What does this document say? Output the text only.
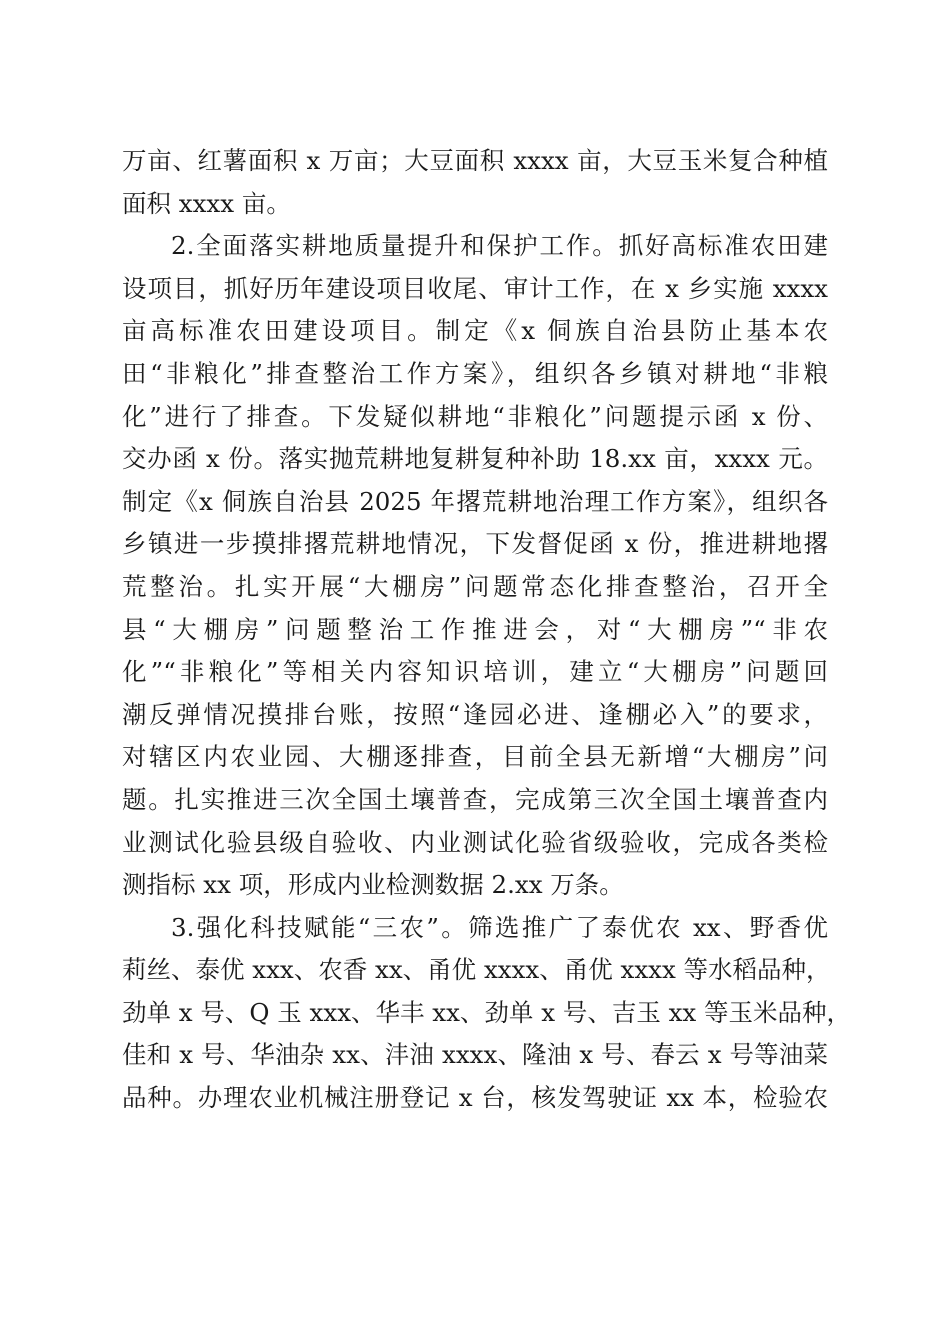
万亩、红薯面积 x 万亩；大豆面积 xxxx 亩，大豆玉米复合种植
面积 xxxx 亩。
2.全面落实耕地质量提升和保护工作。抓好高标准农田建
设项目，抓好历年建设项目收尾、审计工作，在 x 乡实施 xxxx
亩高标准农田建设项目。制定《x 侗族自治县防止基本农
田“非粮化”排查整治工作方案》，组织各乡镇对耕地“非粮
化”进行了排查。下发疑似耕地“非粮化”问题提示函 x 份、
交办函 x 份。落实抛荒耕地复耕复种补助 18.xx 亩，xxxx 元。
制定《x 侗族自治县 2025 年撂荒耕地治理工作方案》，组织各
乡镇进一步摸排撂荒耕地情况，下发督促函 x 份，推进耕地撂
荒整治。扎实开展“大棚房”问题常态化排查整治，召开全
县“大棚房”问题整治工作推进会，对“大棚房”“非农
化”“非粮化”等相关内容知识培训，建立“大棚房”问题回
潮反弹情况摸排台账，按照“逢园必进、逢棚必入”的要求，
对辖区内农业园、大棚逐排查，目前全县无新增“大棚房”问
题。扎实推进三次全国土壤普查，完成第三次全国土壤普查内
业测试化验县级自验收、内业测试化验省级验收，完成各类检
测指标 xx 项，形成内业检测数据 2.xx 万条。
3.强化科技赋能“三农”。筛选推广了泰优农 xx、野香优
莉丝、泰优 xxx、农香 xx、甬优 xxxx、甬优 xxxx 等水稻品种，
劲单 x 号、Q 玉 xxx、华丰 xx、劲单 x 号、吉玉 xx 等玉米品种，
佳和 x 号、华油杂 xx、沣油 xxxx、隆油 x 号、春云 x 号等油菜
品种。办理农业机械注册登记 x 台，核发驾驶证 xx 本，检验农
